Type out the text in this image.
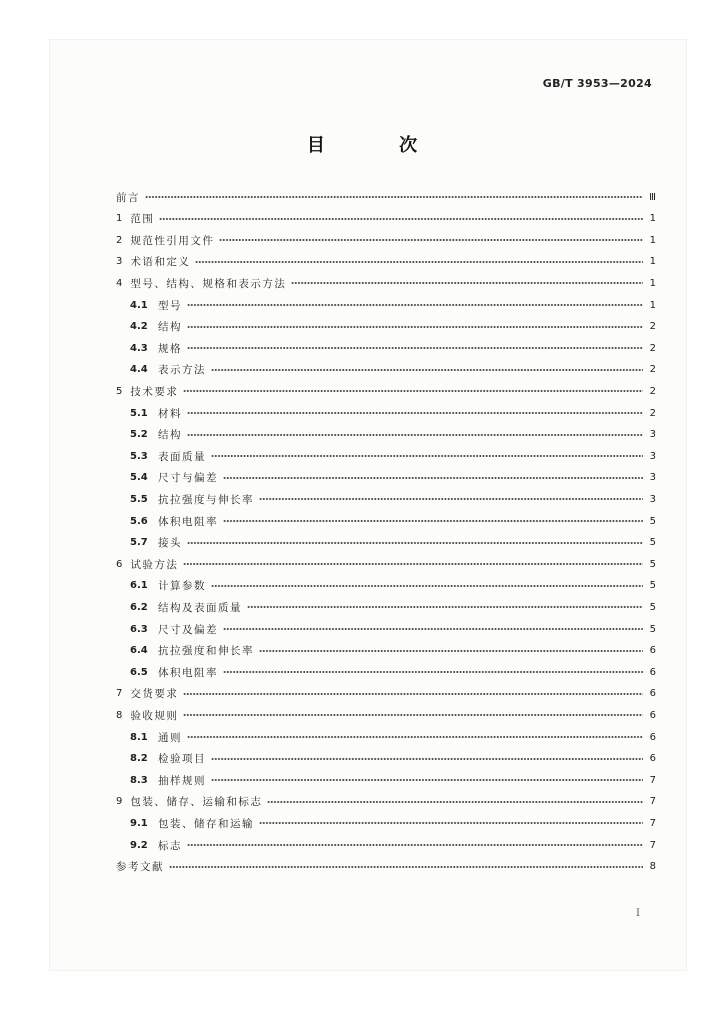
GB/T 3953—2024
目 次
前言	Ⅲ
1 范围	1
2 规范性引用文件	1
3 术语和定义	1
4 型号、结构、规格和表示方法	1
4.1 型号	1
4.2 结构	2
4.3 规格	2
4.4 表示方法	2
5 技术要求	2
5.1 材料	2
5.2 结构	3
5.3 表面质量	3
5.4 尺寸与偏差	3
5.5 抗拉强度与伸长率	3
5.6 体积电阻率	5
5.7 接头	5
6 试验方法	5
6.1 计算参数	5
6.2 结构及表面质量	5
6.3 尺寸及偏差	5
6.4 抗拉强度和伸长率	6
6.5 体积电阻率	6
7 交货要求	6
8 验收规则	6
8.1 通则	6
8.2 检验项目	6
8.3 抽样规则	7
9 包装、储存、运输和标志	7
9.1 包装、储存和运输	7
9.2 标志	7
参考文献	8
Ⅰ
